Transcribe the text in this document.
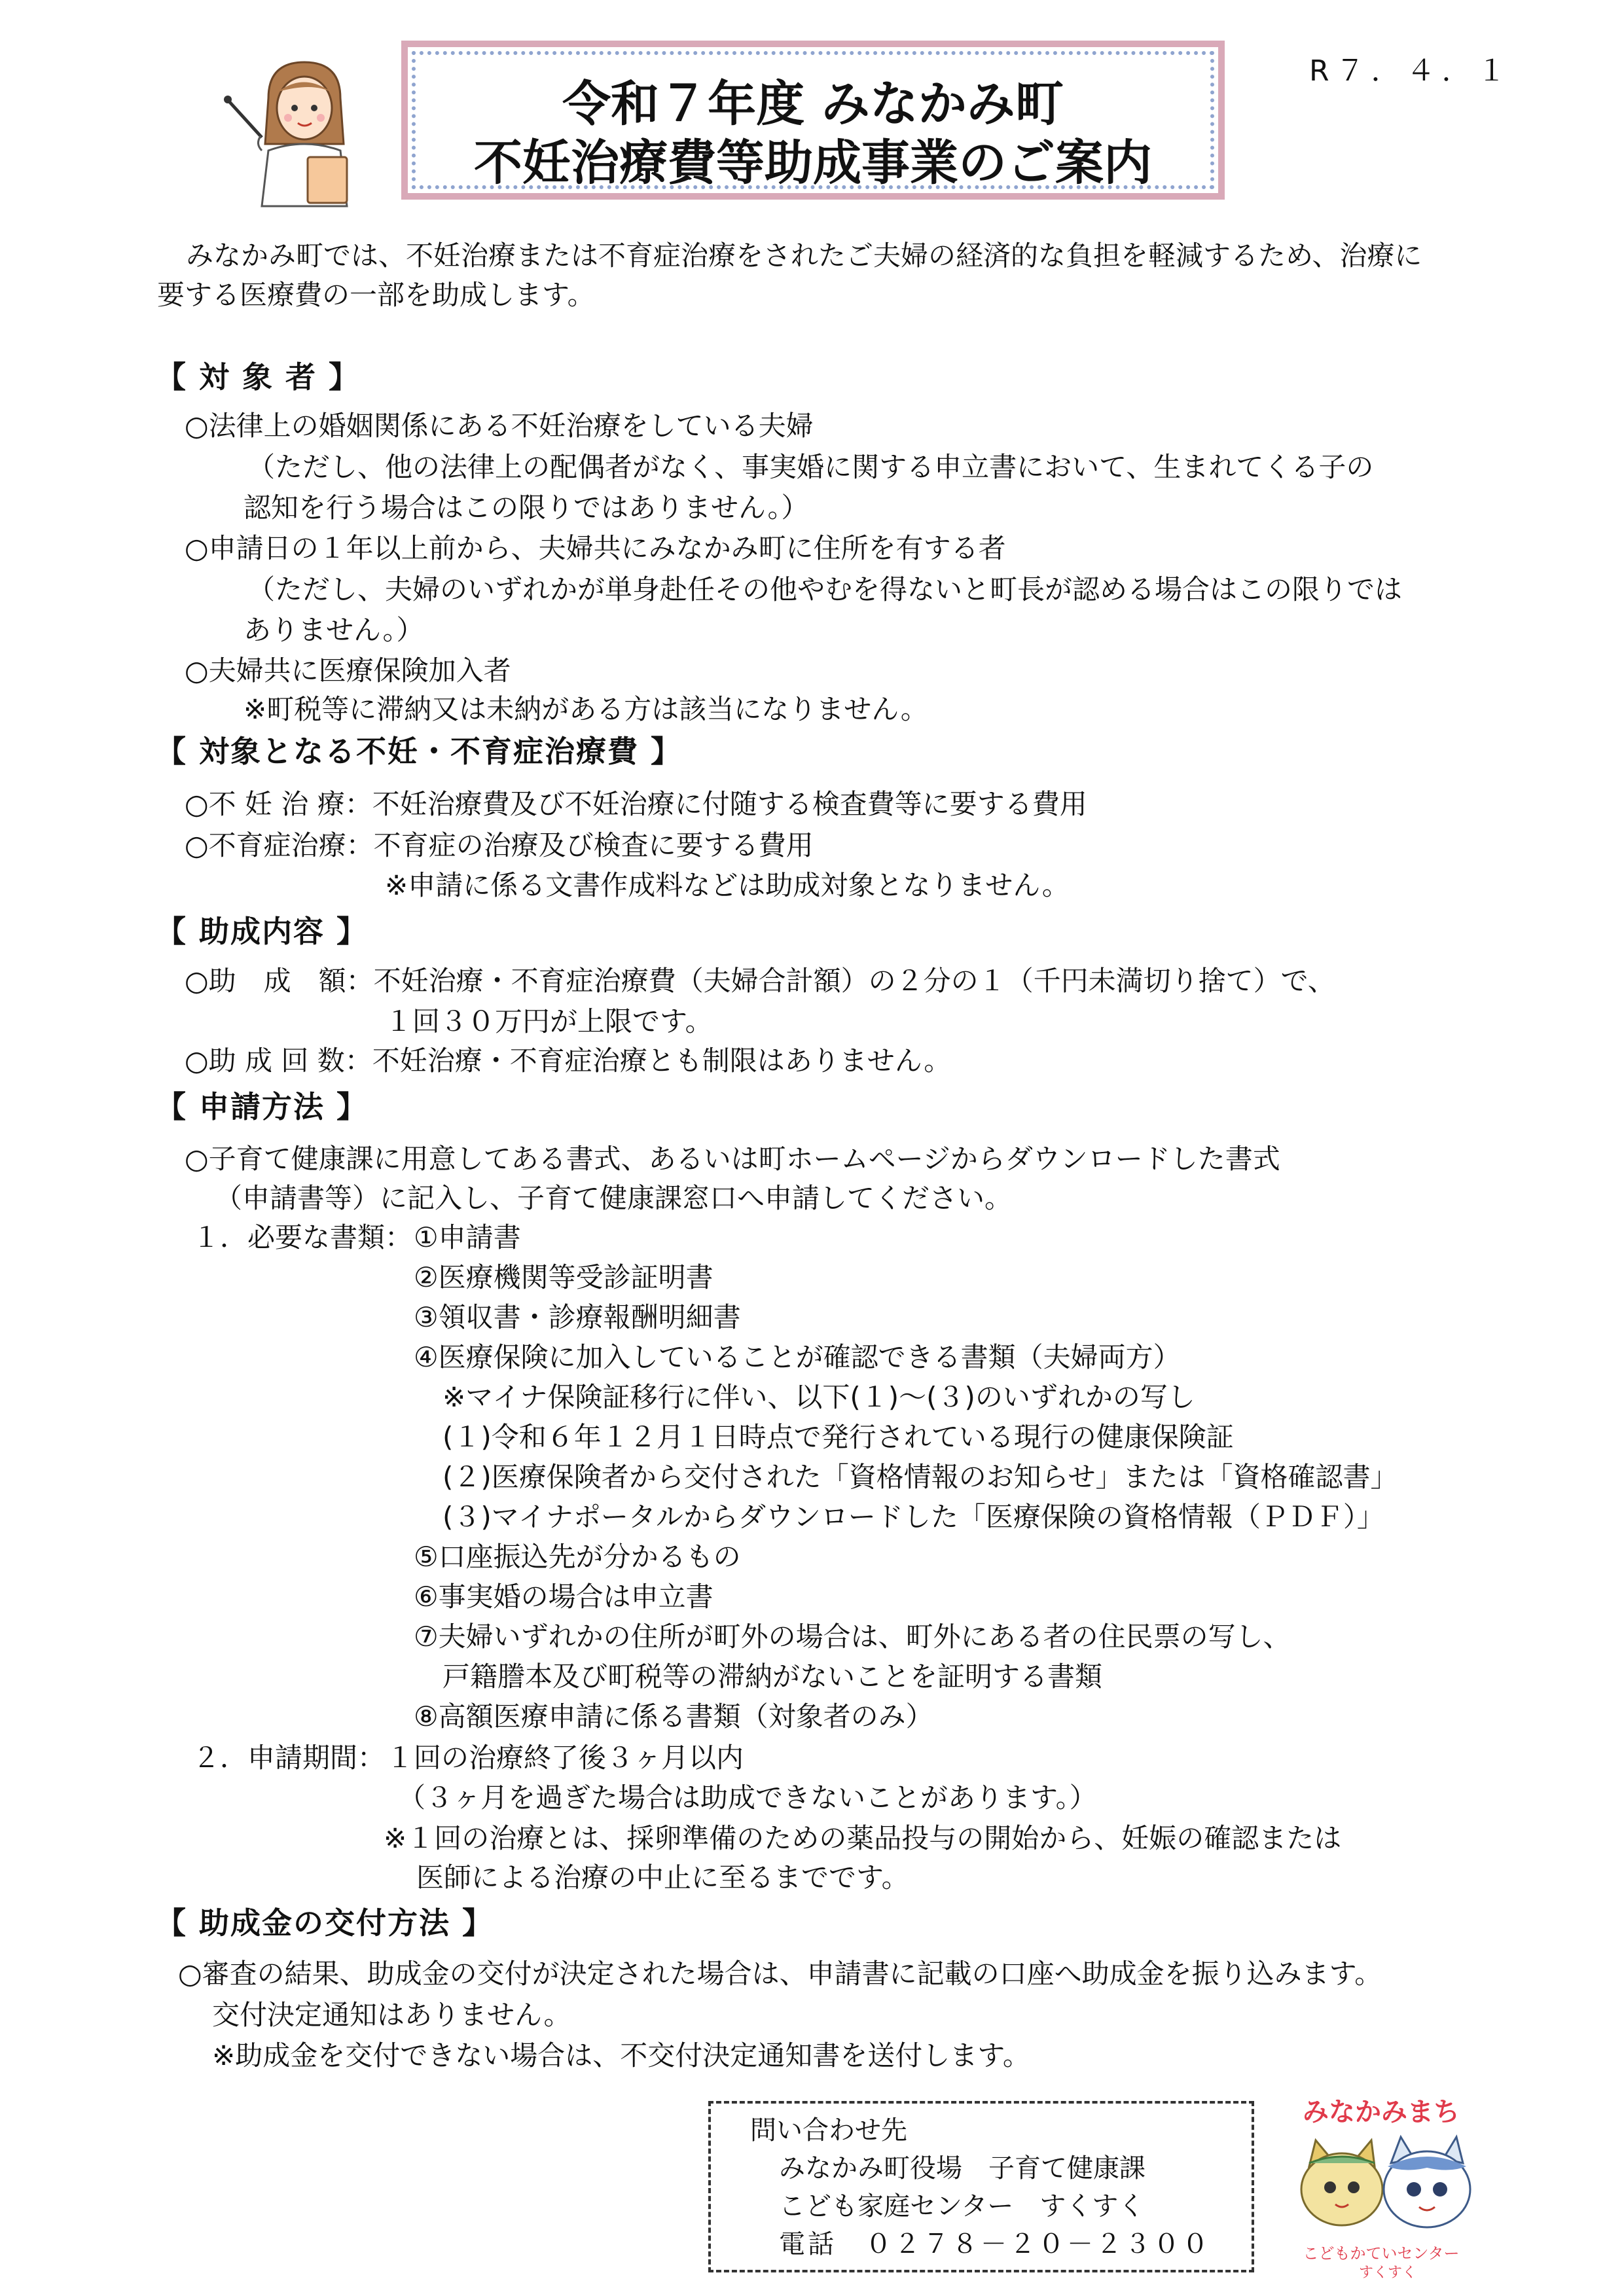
令和７年度 みなかみ町
不妊治療費等助成事業のご案内
R７．４．１
みなかみ町では、不妊治療または不育症治療をされたご夫婦の経済的な負担を軽減するため、治療に
要する医療費の一部を助成します。
【 対 象 者 】
○法律上の婚姻関係にある不妊治療をしている夫婦
（ただし、他の法律上の配偶者がなく、事実婚に関する申立書において、生まれてくる子の
認知を行う場合はこの限りではありません。）
○申請日の１年以上前から、夫婦共にみなかみ町に住所を有する者
（ただし、夫婦のいずれかが単身赴任その他やむを得ないと町長が認める場合はこの限りでは
ありません。）
○夫婦共に医療保険加入者
※町税等に滞納又は未納がある方は該当になりません。
【 対象となる不妊・不育症治療費 】
○不 妊 治 療：不妊治療費及び不妊治療に付随する検査費等に要する費用
○不育症治療：不育症の治療及び検査に要する費用
※申請に係る文書作成料などは助成対象となりません。
【 助成内容 】
○助　成　額：不妊治療・不育症治療費（夫婦合計額）の２分の１（千円未満切り捨て）で、
１回３０万円が上限です。
○助 成 回 数：不妊治療・不育症治療とも制限はありません。
【 申請方法 】
○子育て健康課に用意してある書式、あるいは町ホームページからダウンロードした書式
（申請書等）に記入し、子育て健康課窓口へ申請してください。
１．必要な書類： ①申請書
②医療機関等受診証明書
③領収書・診療報酬明細書
④医療保険に加入していることが確認できる書類（夫婦両方）
※マイナ保険証移行に伴い、以下(１)～(３)のいずれかの写し
(１)令和６年１２月１日時点で発行されている現行の健康保険証
(２)医療保険者から交付された「資格情報のお知らせ」または「資格確認書」
(３)マイナポータルからダウンロードした「医療保険の資格情報（ＰＤＦ）」
⑤口座振込先が分かるもの
⑥事実婚の場合は申立書
⑦夫婦いずれかの住所が町外の場合は、町外にある者の住民票の写し、
戸籍謄本及び町税等の滞納がないことを証明する書類
⑧高額医療申請に係る書類（対象者のみ）
２．申請期間： １回の治療終了後３ヶ月以内
（３ヶ月を過ぎた場合は助成できないことがあります。）
※１回の治療とは、採卵準備のための薬品投与の開始から、妊娠の確認または
医師による治療の中止に至るまでです。
【 助成金の交付方法 】
○審査の結果、助成金の交付が決定された場合は、申請書に記載の口座へ助成金を振り込みます。
交付決定通知はありません。
※助成金を交付できない場合は、不交付決定通知書を送付します。
問い合わせ先
みなかみ町役場　子育て健康課
こども家庭センター　すくすく
電話　０２７８－２０－２３００
みなかみまち
こどもかていセンター
すくすく
